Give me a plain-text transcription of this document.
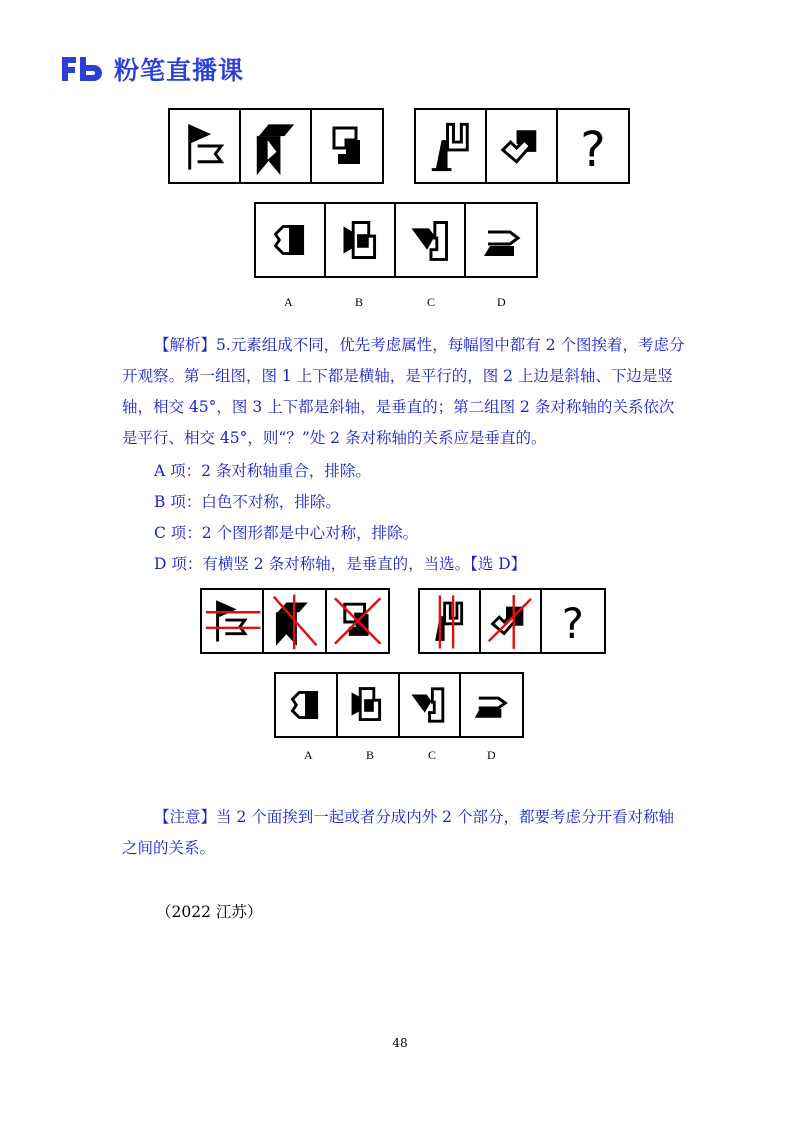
粉笔直播课
?
A	B	C	D

【解析】5.元素组成不同，优先考虑属性，每幅图中都有 2 个图挨着，考虑分开观察。第一组图，图 1 上下都是横轴，是平行的，图 2 上边是斜轴、下边是竖轴，相交 45°，图 3 上下都是斜轴，是垂直的；第二组图 2 条对称轴的关系依次是平行、相交 45°，则“？”处 2 条对称轴的关系应是垂直的。

A 项：2 条对称轴重合，排除。

B 项：白色不对称，排除。

C 项：2 个图形都是中心对称，排除。

D 项：有横竖 2 条对称轴，是垂直的，当选。【选 D】

?
A	B	C	D

【注意】当 2 个面挨到一起或者分成内外 2 个部分，都要考虑分开看对称轴之间的关系。

（2022 江苏）

48
